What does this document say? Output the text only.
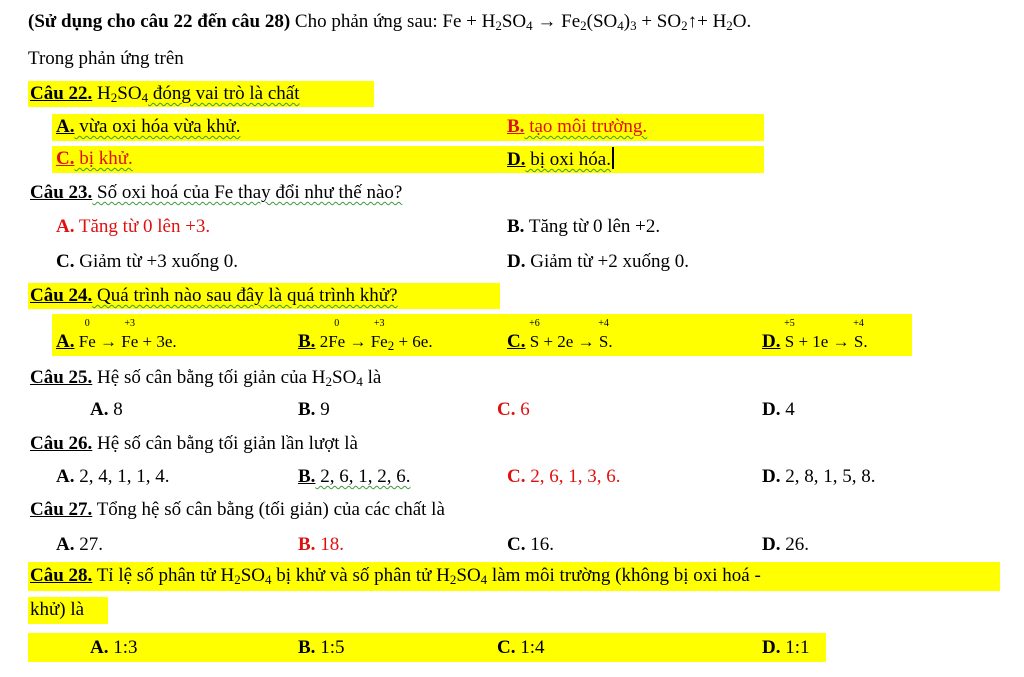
(Sử dụng cho câu 22 đến câu 28) Cho phản ứng sau: $Fe + H_2SO_4 \to Fe_2(SO_4)_3$ + $SO_2↑+ H_2O$.
Trong phản ứng trên
Câu 22. $H_2SO_4$ đóng vai trò là chất
A. vừa oxi hóa vừa khử.	B. tạo môi trường.
C. bị khử.	D. bị oxi hóa.
Câu 23. Số oxi hoá của Fe thay đổi như thế nào?
A. Tăng từ 0 lên +3.	B. Tăng từ 0 lên +2.
C. Giảm từ +3 xuống 0.	D. Giảm từ +2 xuống 0.
Câu 24. Quá trình nào sau đây là quá trình khử?
A.
0
Fe →
+3
Fe + 3e.	B. 2
0
Fe →
+3
$Fe_2 + 6e$.	C.
+6
S + 2e →
+4
S.	D.
+5
S + 1e →
+4
S.
Câu 25. Hệ số cân bằng tối giản của $H_2SO_4$ là
A. 8	B. 9	C. 6	D. 4
Câu 26. Hệ số cân bằng tối giản lần lượt là
A. 2, 4, 1, 1, 4.	B. 2, 6, 1, 2, 6.	C. 2, 6, 1, 3, 6.	D. 2, 8, 1, 5, 8.
Câu 27. Tổng hệ số cân bằng (tối giản) của các chất là
A. 27.	B. 18.	C. 16.	D. 26.
Câu 28. Tỉ lệ số phân tử $H_2SO_4$ bị khử và số phân tử $H_2SO_4$ làm môi trường (không bị oxi hoá -
khử) là
A. 1:3	B. 1:5	C. 1:4	D. 1:1
